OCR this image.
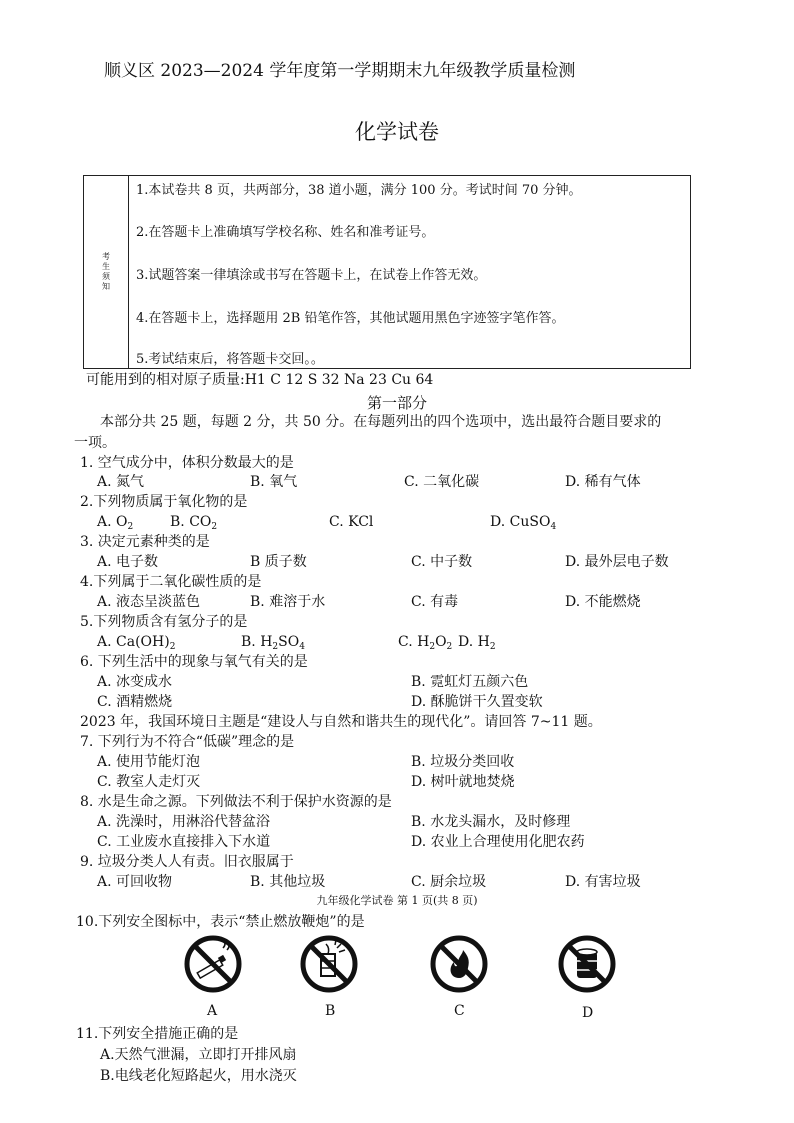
顺义区 2023—2024 学年度第一学期期末九年级教学质量检测
化学试卷
考生须知
1.本试卷共 8 页，共两部分，38 道小题，满分 100 分。考试时间 70 分钟。
2.在答题卡上准确填写学校名称、姓名和准考证号。
3.试题答案一律填涂或书写在答题卡上，在试卷上作答无效。
4.在答题卡上，选择题用 2B 铅笔作答，其他试题用黑色字迹签字笔作答。
5.考试结束后，将答题卡交回。。
可能用到的相对原子质量:H1 C 12 S 32 Na 23 Cu 64
第一部分
本部分共 25 题，每题 2 分，共 50 分。在每题列出的四个选项中，选出最符合题目要求的
一项。
1. 空气成分中，体积分数最大的是
A. 氮气	B. 氧气	C. 二氧化碳	D. 稀有气体
2.下列物质属于氧化物的是
A. $O_2$	B. $CO_2$	C. KCl	D. CuSO$_4$
3. 决定元素种类的是
A. 电子数	B 质子数	C. 中子数	D. 最外层电子数
4.下列属于二氧化碳性质的是
A. 液态呈淡蓝色	B. 难溶于水	C. 有毒	D. 不能燃烧
5.下列物质含有氢分子的是
A. $Ca(OH)_2$	B. $H_2SO_4$	C. $H_2O_2$ D. $H_2$
6. 下列生活中的现象与氧气有关的是
A. 冰变成水	B. 霓虹灯五颜六色
C. 酒精燃烧	D. 酥脆饼干久置变软
2023 年，我国环境日主题是“建设人与自然和谐共生的现代化”。请回答 7~11 题。
7. 下列行为不符合“低碳”理念的是
A. 使用节能灯泡	B. 垃圾分类回收
C. 教室人走灯灭	D. 树叶就地焚烧
8. 水是生命之源。下列做法不利于保护水资源的是
A. 洗澡时，用淋浴代替盆浴	B. 水龙头漏水，及时修理
C. 工业废水直接排入下水道	D. 农业上合理使用化肥农药
9. 垃圾分类人人有责。旧衣服属于
A. 可回收物	B. 其他垃圾	C. 厨余垃圾	D. 有害垃圾
九年级化学试卷 第 1 页(共 8 页)
10.下列安全图标中，表示“禁止燃放鞭炮”的是
A	B	C	D
11.下列安全措施正确的是
A.天然气泄漏，立即打开排风扇
B.电线老化短路起火，用水浇灭
